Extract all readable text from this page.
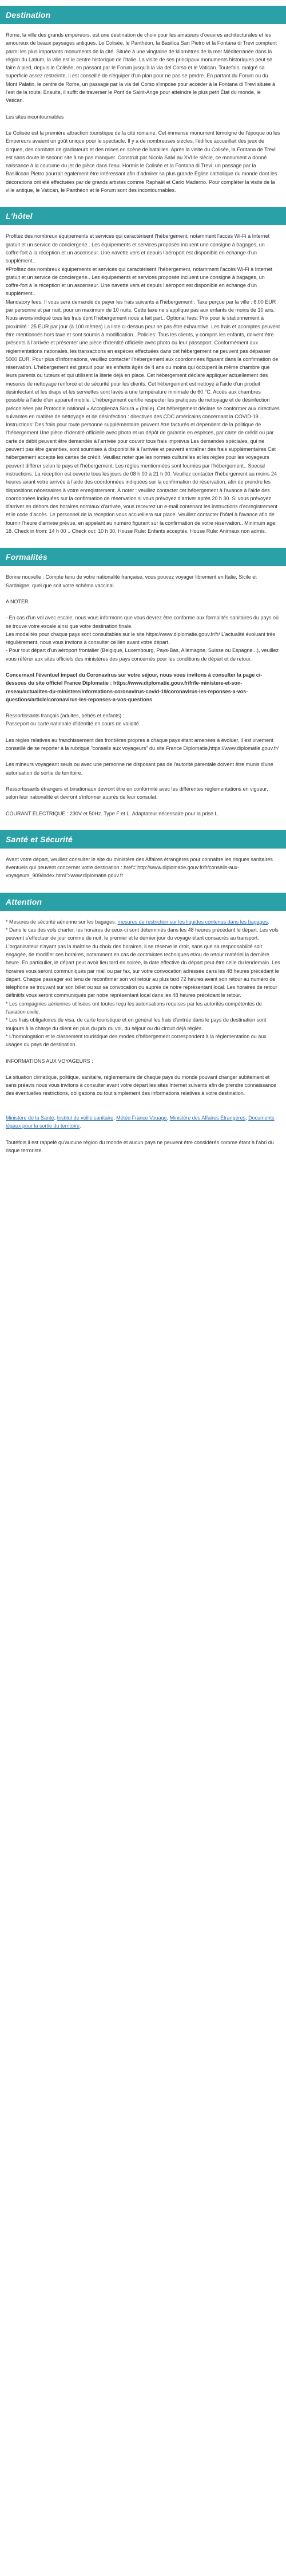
Destination

Rome, la ville des grands empereurs, est une destination de choix pour les amateurs d'oeuvres architecturales et les amoureux de beaux paysages antiques. Le Colisée, le Panthéon, la Basilica San Pietro et la Fontana di Trevi comptent parmi les plus importants monuments de la cité. Située à une vingtaine de kilomètres de la mer Méditerranée dans la région du Latium, la ville est le centre historique de l'Italie. La visite de ses principaux monuments historiques peut se faire à pied, depuis le Colisée, en passant par le Forum jusqu'à la via del Corso et le Vatican. Toutefois, malgré sa superficie assez restreinte, il est conseillé de s'équiper d'un plan pour ne pas se perdre. En partant du Forum ou du Mont Palatin, le centre de Rome, un passage par la via del Corso s'impose pour accéder à la Fontana di Trevi située à l'est de la route. Ensuite, il suffit de traverser le Pont de Saint-Ange pour atteindre le plus petit État du monde, le Vatican.

Les sites incontournables

Le Colisée est la première attraction touristique de la cité romaine. Cet immense monument témoigne de l'époque où les Empereurs avaient un goût unique pour le spectacle. Il y a de nombreuses siècles, l'édifice accueillait des jeux de cirques, des combats de gladiateurs et des mises en scène de batailles. Après la visite du Colisée, la Fontana de Trevi est sans doute le second site à ne pas manquer. Construit par Nicola Salvi au XVIIIe siècle, ce monument a donné naissance à la coutume du jet de pièce dans l'eau. Hormis le Colisée et la Fontana di Trevi, un passage par la Basilicoan Pietro pourrait également être intéressant afin d'admirer sa plus grande Église catholique du monde dont les décorations ont été effectuées par de grands artistes comme Raphaël et Carlo Maderno. Pour compléter la visite de la ville antique, le Vatican, le Panthéon et le Forum sont des incontournables.

L'hôtel

Profitez des nombreux équipements et services qui caractérisent l'hébergement, notamment l'accès Wi-Fi à Internet gratuit et un service de conciergerie.. Les équipements et services proposés incluent une consigne à bagages, un coffre-fort à la réception et un ascenseur. Une navette vers et depuis l'aéroport est disponible en échange d'un supplément..
#Profitez des nombreux équipements et services qui caractérisent l'hébergement, notamment l'accès Wi-Fi à Internet gratuit et un service de conciergerie.. Les équipements et services proposés incluent une consigne à bagages, un coffre-fort à la réception et un ascenseur. Une navette vers et depuis l'aéroport est disponible en échange d'un supplément..
Mandatory fees: Il vous sera demandé de payer les frais suivants à l'hébergement : Taxe perçue par la ville : 6.00 EUR par personne et par nuit, pour un maximum de 10 nuits. Cette taxe ne s'applique pas aux enfants de moins de 10 ans. Nous avons indiqué tous les frais dont l'hébergement nous a fait part.. Optional fees: Prix pour le stationnement à proximité : 25 EUR par jour (à 100 mètres) La liste ci-dessus peut ne pas être exhaustive. Les frais et acomptes peuvent être mentionnés hors taxe et sont soumis à modification.. Policies: Tous les clients, y compris les enfants, doivent être présents à l'arrivée et présenter une pièce d'identité officielle avec photo ou leur passeport. Conformément aux réglementations nationales, les transactions en espèces effectuées dans cet hébergement ne peuvent pas dépasser 5000 EUR. Pour plus d'informations, veuillez contacter l'hébergement aux coordonnées figurant dans la confirmation de réservation. L'hébergement est gratuit pour les enfants âgés de 4 ans ou moins qui occupent la même chambre que leurs parents ou tuteurs et qui utilisent la literie déjà en place. Cet hébergement déclare appliquer actuellement des mesures de nettoyage renforcé et de sécurité pour les clients. Cet hébergement est nettoyé à l'aide d'un produit désinfectant et les draps et les serviettes sont lavés à une température minimale de 60 °C. Accès aux chambres possible à l'aide d'un appareil mobile. L'hébergement certifie respecter les pratiques de nettoyage et de désinfection préconisées par Protocole national « Accoglienza Sicura » (Italie). Cet hébergement déclare se conformer aux directives suivantes en matière de nettoyage et de désinfection : directives des CDC américains concernant la COVID-19 .. Instructions: Des frais pour toute personne supplémentaire peuvent être facturés et dépendent de la politique de l'hébergement Une pièce d'identité officielle avec photo et un dépôt de garantie en espèces, par carte de crédit ou par carte de débit peuvent être demandés à l'arrivée pour couvrir tous frais imprévus Les demandes spéciales, qui ne peuvent pas être garanties, sont soumises à disponibilité à l'arrivée et peuvent entraîner des frais supplémentaires Cet hébergement accepte les cartes de crédit. Veuillez noter que les normes culturelles et les règles pour les voyageurs peuvent différer selon le pays et l'hébergement. Les règles mentionnées sont fournies par l'hébergement.. Special instructions: La réception est ouverte tous les jours de 08 h 00 à 21 h 00. Veuillez contacter l'hébergement au moins 24 heures avant votre arrivée à l'aide des coordonnées indiquées sur la confirmation de réservation, afin de prendre les dispositions nécessaires à votre enregistrement. À noter : veuillez contacter cet hébergement à l'avance à l'aide des coordonnées indiquées sur la confirmation de réservation si vous prévoyez d'arriver après 20 h 30. Si vous prévoyez d'arriver en dehors des horaires normaux d'arrivée, vous recevrez un e-mail contenant les instructions d'enregistrement et le code d'accès. Le personnel de la réception vous accueillera sur place. Veuillez contacter l'hôtel à l'avance afin de fournir l'heure d'arrivée prévue, en appelant au numéro figurant sur la confirmation de votre réservation.. Minimum age: 18. Check in from: 14 h 00 .. Check out: 10 h 30. House Rule: Enfants acceptés. House Rule: Animaux non admis.

Formalités

Bonne nouvelle : Compte tenu de votre nationalité française, vous pouvez voyager librement en Italie, Sicile et Sardaigne, quel que soit votre schéma vaccinal.

A NOTER

- En cas d'un vol avec escale, nous vous informons que vous devrez être conforme aux formalités sanitaires du pays où se trouve votre escale ainsi que votre destination finale.
Les modalités pour chaque pays sont consultables sur le site https://www.diplomatie.gouv.fr/fr/ L'actualité évoluant très régulièrement, nous vous invitons à consulter ce lien avant votre départ.
- Pour tout départ d'un aéroport frontalier (Belgique, Luxembourg, Pays-Bas, Allemagne, Suisse ou Espagne...), veuillez vous référer aux sites officiels des ministères des pays concernés pour les conditions de départ et de retour.

Concernant l'éventuel impact du Coronavirus sur votre séjour, nous vous invitons à consulter la page ci-dessous du site officiel France Diplomatie : https://www.diplomatie.gouv.fr/fr/le-ministere-et-son-reseau/actualites-du-ministere/informations-coronavirus-covid-19/coronavirus-les-reponses-a-vos-questions/article/coronavirus-les-reponses-a-vos-questions

Ressortissants français (adultes, bébés et enfants) :
Passeport ou carte nationale d'identité en cours de validité.

Les règles relatives au franchissement des frontières propres à chaque pays étant amenées à évoluer, il est vivement conseillé de se reporter à la rubrique "conseils aux voyageurs" du site France Diplomatie,https://www.diplomatie.gouv.fr/

Les mineurs voyageant seuls ou avec une personne ne disposant pas de l'autorité parentale doivent être munis d'une autorisation de sortie de territoire.

Ressortissants étrangers et binationaux devront être en conformité avec les différentes réglementations en vigueur, selon leur nationalité et devront s'informer auprès de leur consulat.

COURANT ELECTRIQUE : 230V et 50Hz. Type F et L. Adaptateur nécessaire pour la prise L.

Santé et Sécurité

Avant votre départ, veuillez consulter le site du ministère des Affaires étrangères pour connaître les risques sanitaires éventuels qui peuvent concerner votre destination : href="http://www.diplomatie.gouv.fr/fr/conseils-aux-voyageurs_909/index.html">www.diplomatie.gouv.fr

Attention

* Mesures de sécurité aérienne sur les bagages: mesures de restriction sur les liquides contenus dans les bagages.
* Dans le cas des vols charter, les horaires de ceux-ci sont déterminés dans les 48 heures précédant le départ. Les vols peuvent s'effectuer de jour comme de nuit, le premier et le dernier jour du voyage étant consacrés au transport. L'organisateur n'ayant pas la maîtrise du choix des horaires, il se réserve le droit, sans que sa responsabilité soit engagée, de modifier ces horaires, notamment en cas de contraintes techniques et/ou de retour matériel la dernière heure. En particulier, le départ peut avoir lieu tard en soirée, la date effective du départ peut être celle du lendemain. Les horaires vous seront communiqués par mail ou par fax, sur votre convocation adressée dans les 48 heures précédant le départ. Chaque passager est tenu de reconfirmer son vol retour au plus tard 72 heures avant son retour au numéro de téléphone se trouvant sur son billet ou sur sa convocation ou auprès de notre représentant local. Les horaires de retour définitifs vous seront communiqués par notre représentant local dans les 48 heures précédant le retour.
* Les compagnies aériennes utilisées ont toutes reçu les autorisations requises par les autorités compétentes de l'aviation civile.
* Les frais obligatoires de visa, de carte touristique et en général les frais d'entrée dans le pays de destination sont toujours à la charge du client en plus du prix du vol, du séjour ou du circuit déjà réglés.
* L'homologation et le classement touristique des modes d'hébergement correspondent à la réglementation ou aux usages du pays de destination.

INFORMATIONS AUX VOYAGEURS :

La situation climatique, politique, sanitaire, réglementaire de chaque pays du monde pouvant changer subitement et sans préavis nous vous invitons à consulter avant votre départ les sites Internet suivants afin de prendre connaissance des éventuelles restrictions, obligations ou tout simplement des informations relatives à votre destination.

Ministère de la Santé, Institut de veille sanitaire, Météo France Vouage, Ministère des Affaires Étrangères, Documents légaux pour la sortie du territoire.

Toutefois il est rappelé qu'aucune région du monde et aucun pays ne peuvent être considérés comme étant à l'abri du risque terroriste.
